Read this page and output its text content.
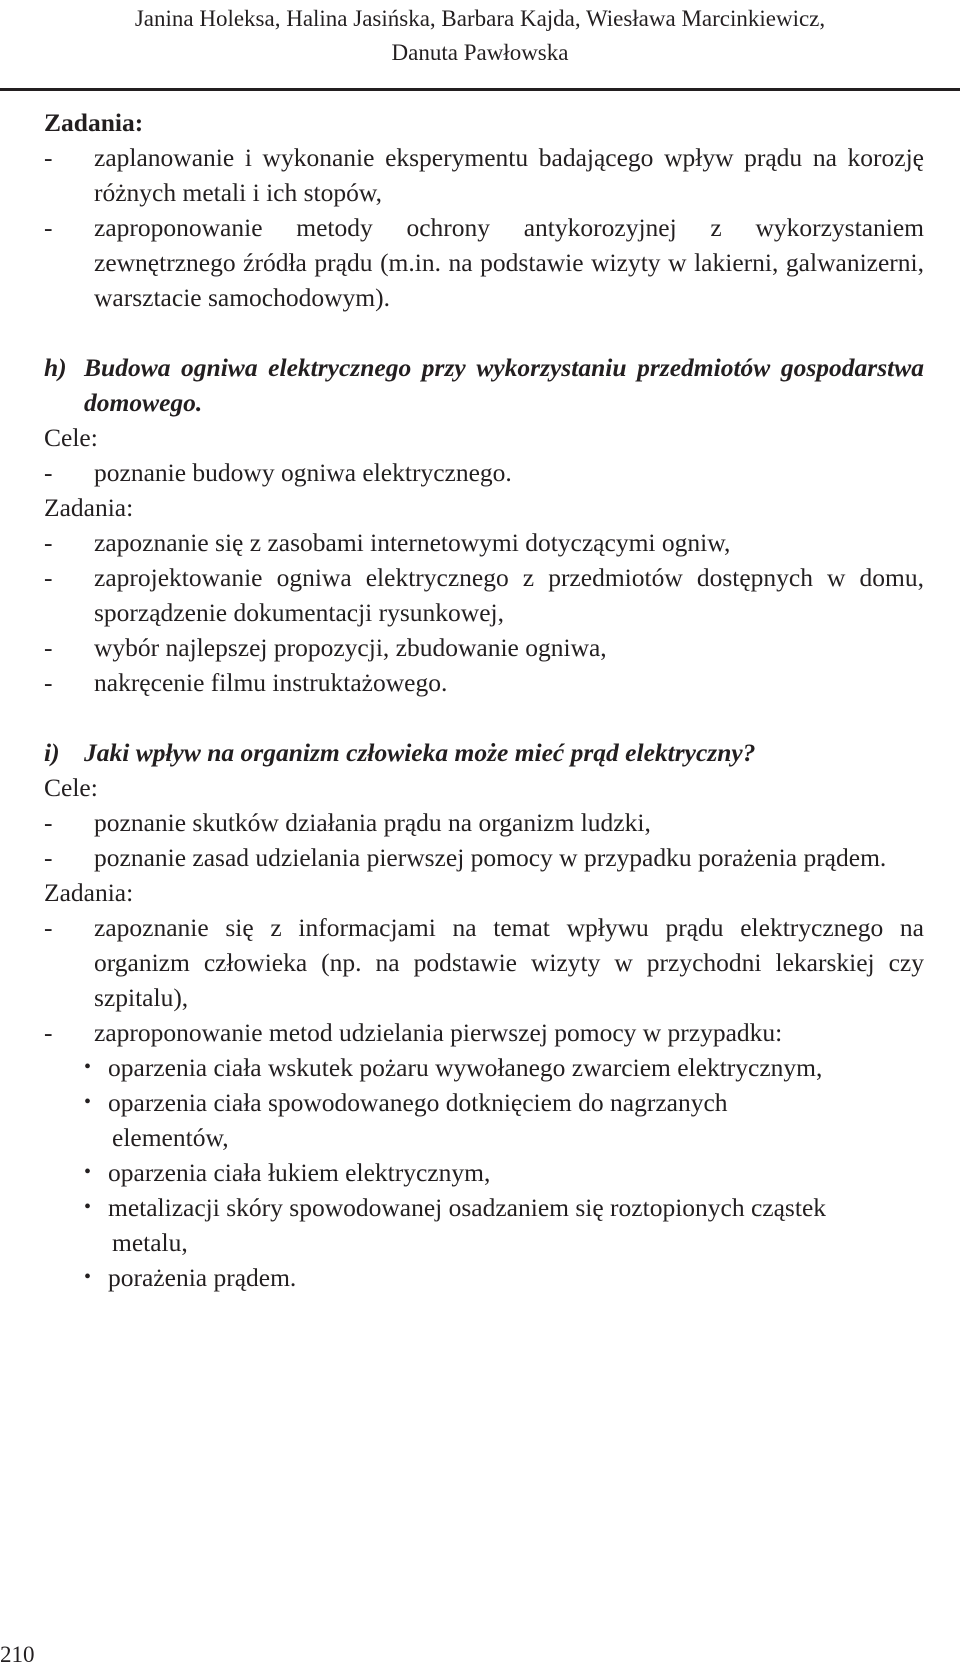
Janina Holeksa, Halina Jasińska, Barbara Kajda, Wiesława Marcinkiewicz,
Danuta Pawłowska
Zadania:
- zaplanowanie i wykonanie eksperymentu badającego wpływ prądu na korozję różnych metali i ich stopów,
- zaproponowanie metody ochrony antykorozyjnej z wykorzystaniem zewnętrznego źródła prądu (m.in. na podstawie wizyty w lakierni, galwanizerni, warsztacie samochodowym).
h) Budowa ogniwa elektrycznego przy wykorzystaniu przedmiotów gospodarstwa domowego.
Cele:
- poznanie budowy ogniwa elektrycznego.
Zadania:
- zapoznanie się z zasobami internetowymi dotyczącymi ogniw,
- zaprojektowanie ogniwa elektrycznego z przedmiotów dostępnych w domu, sporządzenie dokumentacji rysunkowej,
- wybór najlepszej propozycji, zbudowanie ogniwa,
- nakręcenie filmu instruktażowego.
i) Jaki wpływ na organizm człowieka może mieć prąd elektryczny?
Cele:
- poznanie skutków działania prądu na organizm ludzki,
- poznanie zasad udzielania pierwszej pomocy w przypadku porażenia prądem.
Zadania:
- zapoznanie się z informacjami na temat wpływu prądu elektrycznego na organizm człowieka (np. na podstawie wizyty w przychodni lekarskiej czy szpitalu),
- zaproponowanie metod udzielania pierwszej pomocy w przypadku:
• oparzenia ciała wskutek pożaru wywołanego zwarciem elektrycznym,
• oparzenia ciała spowodowanego dotknięciem do nagrzanych
elementów,
• oparzenia ciała łukiem elektrycznym,
• metalizacji skóry spowodowanej osadzaniem się roztopionych cząstek
metalu,
• porażenia prądem.
210
